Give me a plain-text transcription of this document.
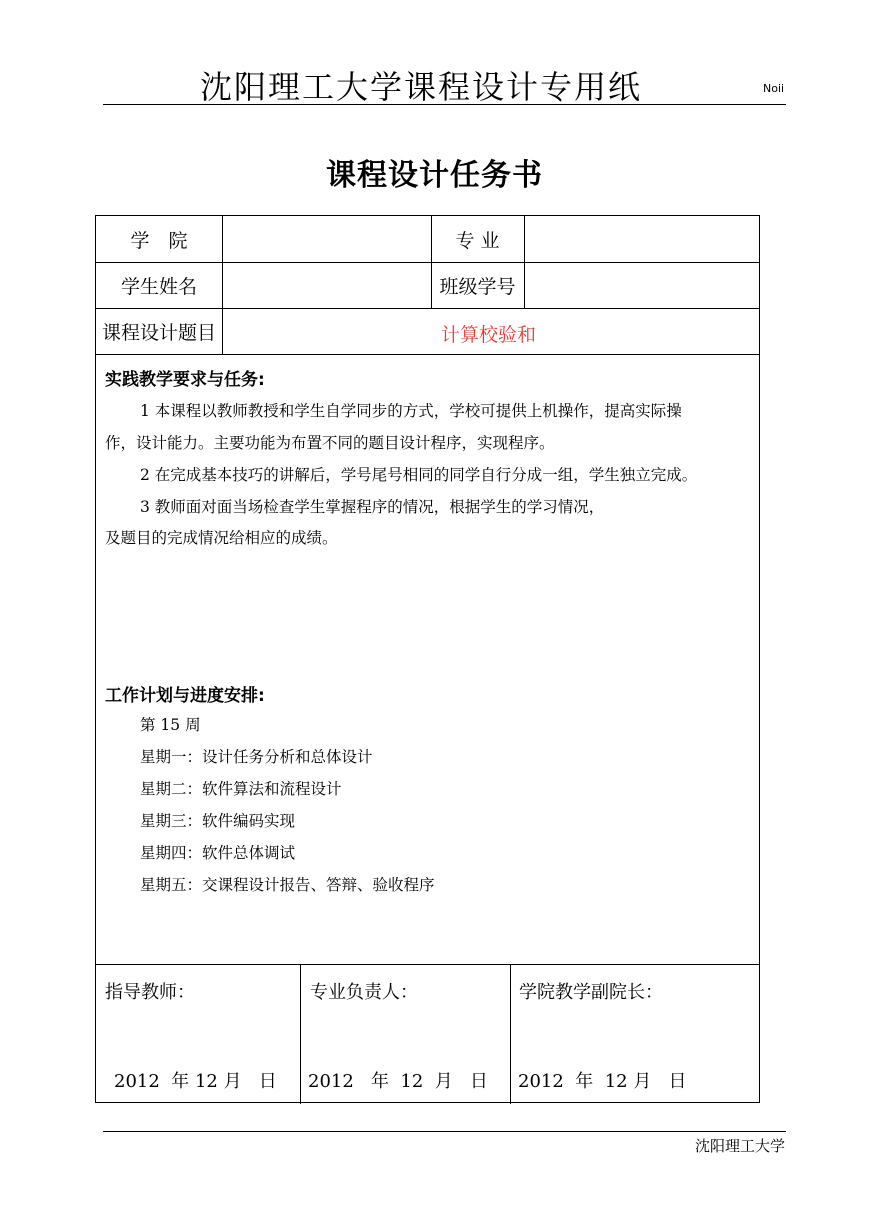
沈阳理工大学课程设计专用纸	Noii
课程设计任务书
学　院	专 业
学生姓名	班级学号
课程设计题目	计算校验和
实践教学要求与任务:
1 本课程以教师教授和学生自学同步的方式，学校可提供上机操作，提高实际操
作，设计能力。主要功能为布置不同的题目设计程序，实现程序。
2 在完成基本技巧的讲解后，学号尾号相同的同学自行分成一组，学生独立完成。
3 教师面对面当场检查学生掌握程序的情况，根据学生的学习情况，
及题目的完成情况给相应的成绩。
工作计划与进度安排:
第 15 周
星期一：设计任务分析和总体设计
星期二：软件算法和流程设计
星期三：软件编码实现
星期四：软件总体调试
星期五：交课程设计报告、答辩、验收程序
指导教师：	专业负责人：	学院教学副院长：
2012  年 12 月   日 2012   年  12  月   日 2012  年  12 月   日
沈阳理工大学
